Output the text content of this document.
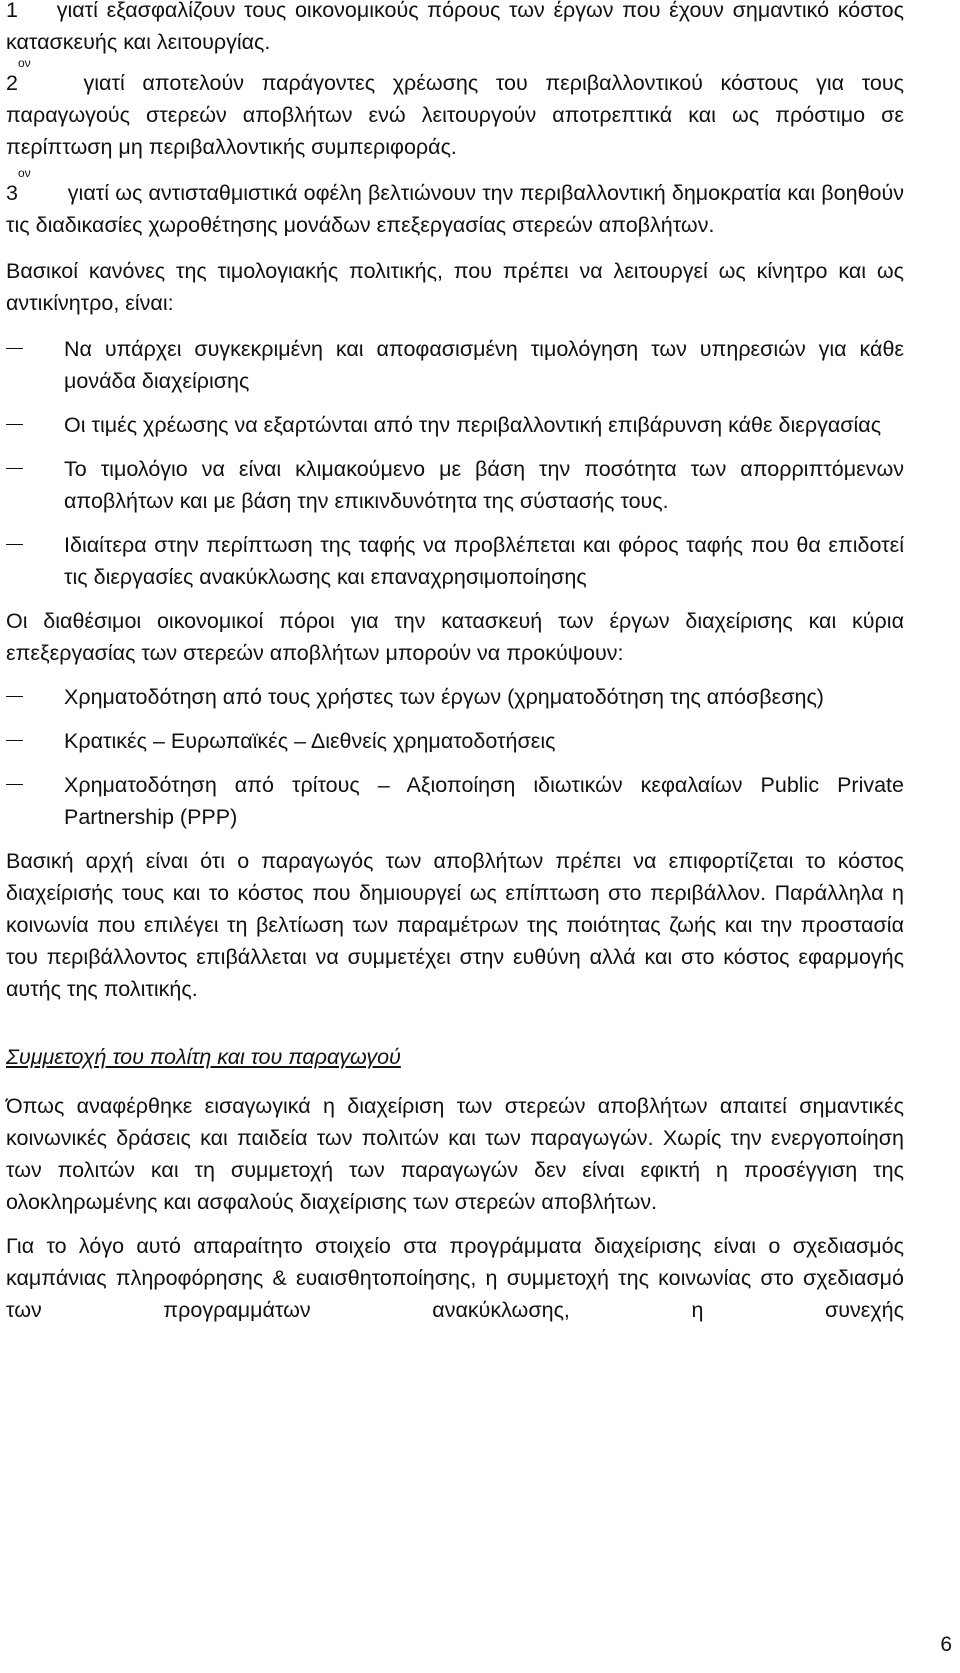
1 γιατί εξασφαλίζουν τους οικονομικούς πόρους των έργων που έχουν σημαντικό κόστος κατασκευής και λειτουργίας.

$2^{o\nu}$   γιατί αποτελούν παράγοντες χρέωσης του περιβαλλοντικού κόστους για τους παραγωγούς στερεών αποβλήτων ενώ λειτουργούν αποτρεπτικά και ως πρόστιμο σε περίπτωση μη περιβαλλοντικής συμπεριφοράς.

$3^{o\nu}$      γιατί ως αντισταθμιστικά οφέλη βελτιώνουν την περιβαλλοντική δημοκρατία και βοηθούν τις διαδικασίες χωροθέτησης μονάδων επεξεργασίας στερεών αποβλήτων.

Βασικοί κανόνες της τιμολογιακής πολιτικής, που πρέπει να λειτουργεί ως κίνητρο και ως αντικίνητρο, είναι:

Να υπάρχει συγκεκριμένη και αποφασισμένη τιμολόγηση των υπηρεσιών για κάθε μονάδα διαχείρισης

Οι τιμές χρέωσης να εξαρτώνται από την περιβαλλοντική επιβάρυνση κάθε διεργασίας

Το τιμολόγιο να είναι κλιμακούμενο με βάση την ποσότητα των απορριπτόμενων αποβλήτων και με βάση την επικινδυνότητα της σύστασής τους.

Ιδιαίτερα στην περίπτωση της ταφής να προβλέπεται και φόρος ταφής που θα επιδοτεί τις διεργασίες ανακύκλωσης και επαναχρησιμοποίησης

Οι διαθέσιμοι οικονομικοί πόροι για την κατασκευή των έργων διαχείρισης και κύρια επεξεργασίας των στερεών αποβλήτων μπορούν να προκύψουν:

Χρηματοδότηση από τους χρήστες των έργων (χρηματοδότηση της απόσβεσης)

Κρατικές – Ευρωπαϊκές – Διεθνείς χρηματοδοτήσεις

Χρηματοδότηση από τρίτους – Αξιοποίηση ιδιωτικών κεφαλαίων Public Private Partnership (PPP)

Βασική αρχή είναι ότι ο παραγωγός των αποβλήτων πρέπει να επιφορτίζεται το κόστος διαχείρισής τους και το κόστος που δημιουργεί ως επίπτωση στο περιβάλλον. Παράλληλα η κοινωνία που επιλέγει τη βελτίωση των παραμέτρων της ποιότητας ζωής και την προστασία του περιβάλλοντος επιβάλλεται να συμμετέχει στην ευθύνη αλλά και στο κόστος εφαρμογής αυτής της πολιτικής.

Συμμετοχή του πολίτη και του παραγωγού

Όπως αναφέρθηκε εισαγωγικά η διαχείριση των στερεών αποβλήτων απαιτεί σημαντικές κοινωνικές δράσεις και παιδεία των πολιτών και των παραγωγών. Χωρίς την ενεργοποίηση των πολιτών και τη συμμετοχή των παραγωγών δεν είναι εφικτή η προσέγγιση της ολοκληρωμένης και ασφαλούς διαχείρισης των στερεών αποβλήτων.

Για το λόγο αυτό απαραίτητο στοιχείο στα προγράμματα διαχείρισης είναι ο σχεδιασμός καμπάνιας πληροφόρησης & ευαισθητοποίησης, η συμμετοχή της κοινωνίας στο σχεδιασμό των προγραμμάτων ανακύκλωσης, η συνεχής

6
